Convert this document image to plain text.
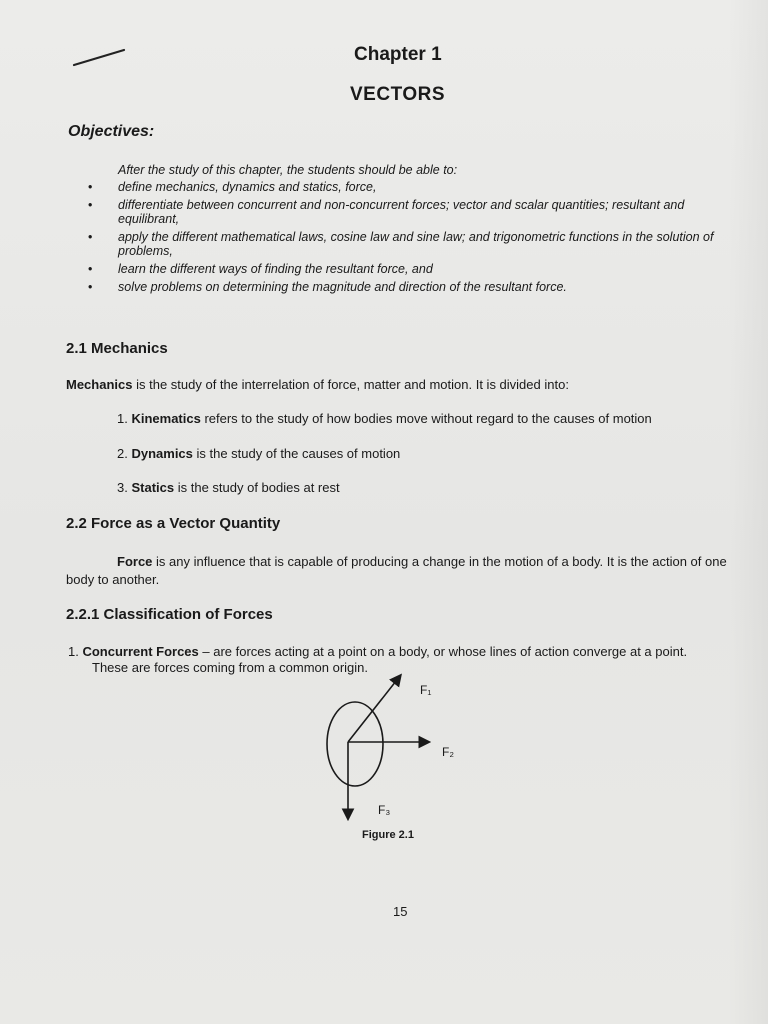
Chapter 1
VECTORS
Objectives:
After the study of this chapter, the students should be able to:
• define mechanics, dynamics and statics, force,
• differentiate between concurrent and non-concurrent forces; vector and scalar quantities; resultant and equilibrant,
• apply the different mathematical laws, cosine law and sine law; and trigonometric functions in the solution of problems,
• learn the different ways of finding the resultant force, and
• solve problems on determining the magnitude and direction of the resultant force.
2.1 Mechanics
Mechanics is the study of the interrelation of force, matter and motion. It is divided into:
1. Kinematics refers to the study of how bodies move without regard to the causes of motion
2. Dynamics is the study of the causes of motion
3. Statics is the study of bodies at rest
2.2 Force as a Vector Quantity
Force is any influence that is capable of producing a change in the motion of a body. It is the action of one body to another.
2.2.1 Classification of Forces
1. Concurrent Forces – are forces acting at a point on a body, or whose lines of action converge at a point.
These are forces coming from a common origin.
F₁
F₂
F₃
Figure 2.1
15
